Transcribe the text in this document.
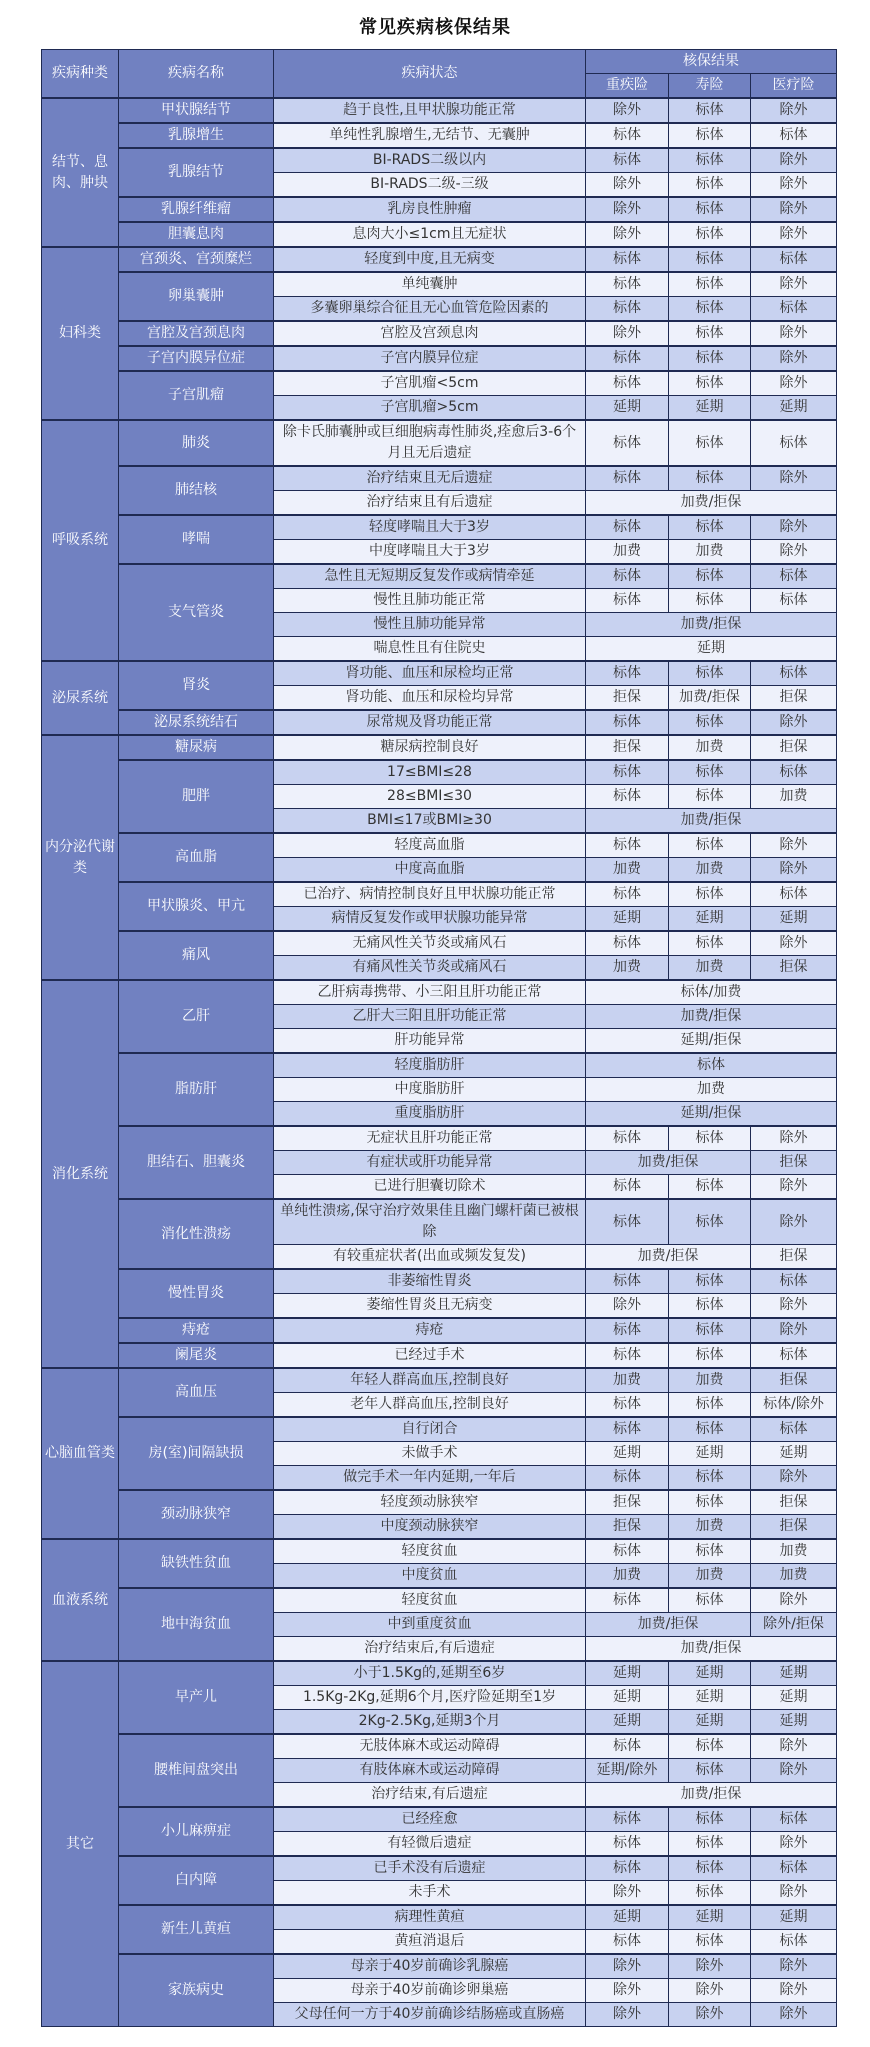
常见疾病核保结果
疾病种类	疾病名称	疾病状态	核保结果		
			重疾险	寿险	医疗险
结节、息肉、肿块	甲状腺结节	趋于良性,且甲状腺功能正常	除外	标体	除外
	乳腺增生	单纯性乳腺增生,无结节、无囊肿	标体	标体	标体
	乳腺结节	BI-RADS二级以内	标体	标体	除外
		BI-RADS二级-三级	除外	标体	除外
	乳腺纤维瘤	乳房良性肿瘤	除外	标体	除外
	胆囊息肉	息肉大小≤1cm且无症状	除外	标体	除外
妇科类	宫颈炎、宫颈糜烂	轻度到中度,且无病变	标体	标体	标体
	卵巢囊肿	单纯囊肿	标体	标体	除外
		多囊卵巢综合征且无心血管危险因素的	标体	标体	标体
	宫腔及宫颈息肉	宫腔及宫颈息肉	除外	标体	除外
	子宫内膜异位症	子宫内膜异位症	标体	标体	除外
	子宫肌瘤	子宫肌瘤<5cm	标体	标体	除外
		子宫肌瘤>5cm	延期	延期	延期
呼吸系统	肺炎	除卡氏肺囊肿或巨细胞病毒性肺炎,痊愈后3-6个月且无后遗症	标体	标体	标体
	肺结核	治疗结束且无后遗症	标体	标体	除外
		治疗结束且有后遗症	加费/拒保		
	哮喘	轻度哮喘且大于3岁	标体	标体	除外
		中度哮喘且大于3岁	加费	加费	除外
	支气管炎	急性且无短期反复发作或病情牵延	标体	标体	标体
		慢性且肺功能正常	标体	标体	标体
		慢性且肺功能异常	加费/拒保		
		喘息性且有住院史	延期		
泌尿系统	肾炎	肾功能、血压和尿检均正常	标体	标体	标体
		肾功能、血压和尿检均异常	拒保	加费/拒保	拒保
	泌尿系统结石	尿常规及肾功能正常	标体	标体	除外
内分泌代谢类	糖尿病	糖尿病控制良好	拒保	加费	拒保
	肥胖	17≤BMI≤28	标体	标体	标体
		28≤BMI≤30	标体	标体	加费
		BMI≤17或BMI≥30	加费/拒保		
	高血脂	轻度高血脂	标体	标体	除外
		中度高血脂	加费	加费	除外
	甲状腺炎、甲亢	已治疗、病情控制良好且甲状腺功能正常	标体	标体	标体
		病情反复发作或甲状腺功能异常	延期	延期	延期
	痛风	无痛风性关节炎或痛风石	标体	标体	除外
		有痛风性关节炎或痛风石	加费	加费	拒保
消化系统	乙肝	乙肝病毒携带、小三阳且肝功能正常	标体/加费		
		乙肝大三阳且肝功能正常	加费/拒保		
		肝功能异常	延期/拒保		
	脂肪肝	轻度脂肪肝	标体		
		中度脂肪肝	加费		
		重度脂肪肝	延期/拒保		
	胆结石、胆囊炎	无症状且肝功能正常	标体	标体	除外
		有症状或肝功能异常	加费/拒保		拒保
		已进行胆囊切除术	标体	标体	除外
	消化性溃疡	单纯性溃疡,保守治疗效果佳且幽门螺杆菌已被根除	标体	标体	除外
		有较重症状者(出血或频发复发)	加费/拒保		拒保
	慢性胃炎	非萎缩性胃炎	标体	标体	标体
		萎缩性胃炎且无病变	除外	标体	除外
	痔疮	痔疮	标体	标体	除外
	阑尾炎	已经过手术	标体	标体	标体
心脑血管类	高血压	年轻人群高血压,控制良好	加费	加费	拒保
		老年人群高血压,控制良好	标体	标体	标体/除外
	房(室)间隔缺损	自行闭合	标体	标体	标体
		未做手术	延期	延期	延期
		做完手术一年内延期,一年后	标体	标体	除外
	颈动脉狭窄	轻度颈动脉狭窄	拒保	标体	拒保
		中度颈动脉狭窄	拒保	加费	拒保
血液系统	缺铁性贫血	轻度贫血	标体	标体	加费
		中度贫血	加费	加费	加费
	地中海贫血	轻度贫血	标体	标体	除外
		中到重度贫血	加费/拒保		除外/拒保
		治疗结束后,有后遗症	加费/拒保		
其它	早产儿	小于1.5Kg的,延期至6岁	延期	延期	延期
		1.5Kg-2Kg,延期6个月,医疗险延期至1岁	延期	延期	延期
		2Kg-2.5Kg,延期3个月	延期	延期	延期
	腰椎间盘突出	无肢体麻木或运动障碍	标体	标体	除外
		有肢体麻木或运动障碍	延期/除外	标体	除外
		治疗结束,有后遗症	加费/拒保		
	小儿麻痹症	已经痊愈	标体	标体	标体
		有轻微后遗症	标体	标体	除外
	白内障	已手术没有后遗症	标体	标体	标体
		未手术	除外	标体	除外
	新生儿黄疸	病理性黄疸	延期	延期	延期
		黄疸消退后	标体	标体	标体
	家族病史	母亲于40岁前确诊乳腺癌	除外	除外	除外
		母亲于40岁前确诊卵巢癌	除外	除外	除外
		父母任何一方于40岁前确诊结肠癌或直肠癌	除外	除外	除外
